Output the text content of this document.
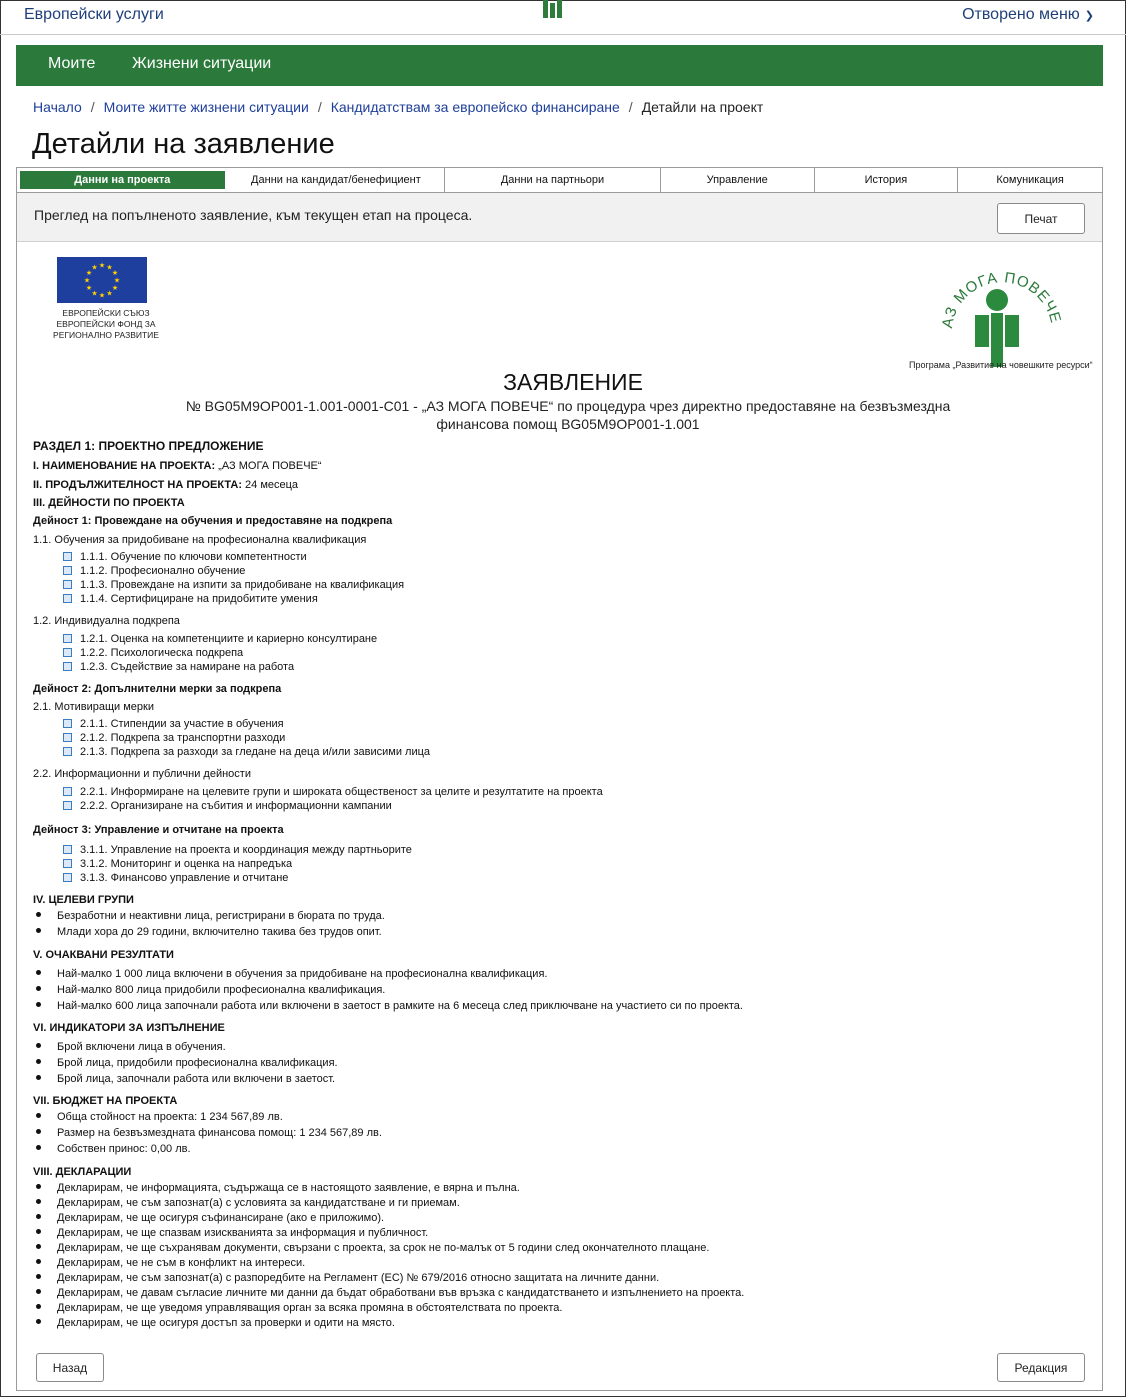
Европейски услуги	Отворено меню ❯
Моите Жизнени ситуации
Начало / Моите житте жизнени ситуации / Кандидатствам за европейско финансиране / Детайли на проект
Детайли на заявление
Данни на проекта	Данни на кандидат/бенефициент	Данни на партньори	Управление	История	Комуникация
Преглед на попълненото заявление, към текущен етап на процеса.	Печат
★ ★
★
★
★
★
★
★
★
★
★
★
ЕВРОПЕЙСКИ СЪЮЗ
ЕВРОПЕЙСКИ ФОНД ЗА
РЕГИОНАЛНО РАЗВИТИЕ
АЗ МОГА ПОВЕЧЕ
Програма „Развитие на човешките ресурси“
ЗАЯВЛЕНИЕ
№ BG05M9OP001-1.001-0001-C01 - „АЗ МОГА ПОВЕЧЕ“ по процедура чрез директно предоставяне на безвъзмездна финансова помощ BG05M9OP001-1.001

РАЗДЕЛ 1: ПРОЕКТНО ПРЕДЛОЖЕНИЕ

I. НАИМЕНОВАНИЕ НА ПРОЕКТА: „АЗ МОГА ПОВЕЧЕ“

II. ПРОДЪЛЖИТЕЛНОСТ НА ПРОЕКТА: 24 месеца

III. ДЕЙНОСТИ ПО ПРОЕКТА

Дейност 1: Провеждане на обучения и предоставяне на подкрепа

1.1. Обучения за придобиване на професионална квалификация

1.1.1. Обучение по ключови компетентности

1.1.2. Професионално обучение

1.1.3. Провеждане на изпити за придобиване на квалификация

1.1.4. Сертифициране на придобитите умения

1.2. Индивидуална подкрепа

1.2.1. Оценка на компетенциите и кариерно консултиране

1.2.2. Психологическа подкрепа

1.2.3. Съдействие за намиране на работа

Дейност 2: Допълнителни мерки за подкрепа

2.1. Мотивиращи мерки

2.1.1. Стипендии за участие в обучения

2.1.2. Подкрепа за транспортни разходи

2.1.3. Подкрепа за разходи за гледане на деца и/или зависими лица

2.2. Информационни и публични дейности

2.2.1. Информиране на целевите групи и широката общественост за целите и резултатите на проекта

2.2.2. Организиране на събития и информационни кампании

Дейност 3: Управление и отчитане на проекта

3.1.1. Управление на проекта и координация между партньорите

3.1.2. Мониторинг и оценка на напредъка

3.1.3. Финансово управление и отчитане

IV. ЦЕЛЕВИ ГРУПИ

Безработни и неактивни лица, регистрирани в бюрата по труда.

Млади хора до 29 години, включително такива без трудов опит.

V. ОЧАКВАНИ РЕЗУЛТАТИ

Най-малко 1 000 лица включени в обучения за придобиване на професионална квалификация.

Най-малко 800 лица придобили професионална квалификация.

Най-малко 600 лица започнали работа или включени в заетост в рамките на 6 месеца след приключване на участието си по проекта.

VI. ИНДИКАТОРИ ЗА ИЗПЪЛНЕНИЕ

Брой включени лица в обучения.

Брой лица, придобили професионална квалификация.

Брой лица, започнали работа или включени в заетост.

VII. БЮДЖЕТ НА ПРОЕКТА

Обща стойност на проекта: 1 234 567,89 лв.

Размер на безвъзмездната финансова помощ: 1 234 567,89 лв.

Собствен принос: 0,00 лв.

VIII. ДЕКЛАРАЦИИ

Декларирам, че информацията, съдържаща се в настоящото заявление, е вярна и пълна.

Декларирам, че съм запознат(а) с условията за кандидатстване и ги приемам.

Декларирам, че ще осигуря съфинансиране (ако е приложимо).

Декларирам, че ще спазвам изискванията за информация и публичност.

Декларирам, че ще съхранявам документи, свързани с проекта, за срок не по-малък от 5 години след окончателното плащане.

Декларирам, че не съм в конфликт на интереси.

Декларирам, че съм запознат(а) с разпоредбите на Регламент (ЕС) № 679/2016 относно защитата на личните данни.

Декларирам, че давам съгласие личните ми данни да бъдат обработвани във връзка с кандидатстването и изпълнението на проекта.

Декларирам, че ще уведомя управляващия орган за всяка промяна в обстоятелствата по проекта.

Декларирам, че ще осигуря достъп за проверки и одити на място.

Назад	Редакция
